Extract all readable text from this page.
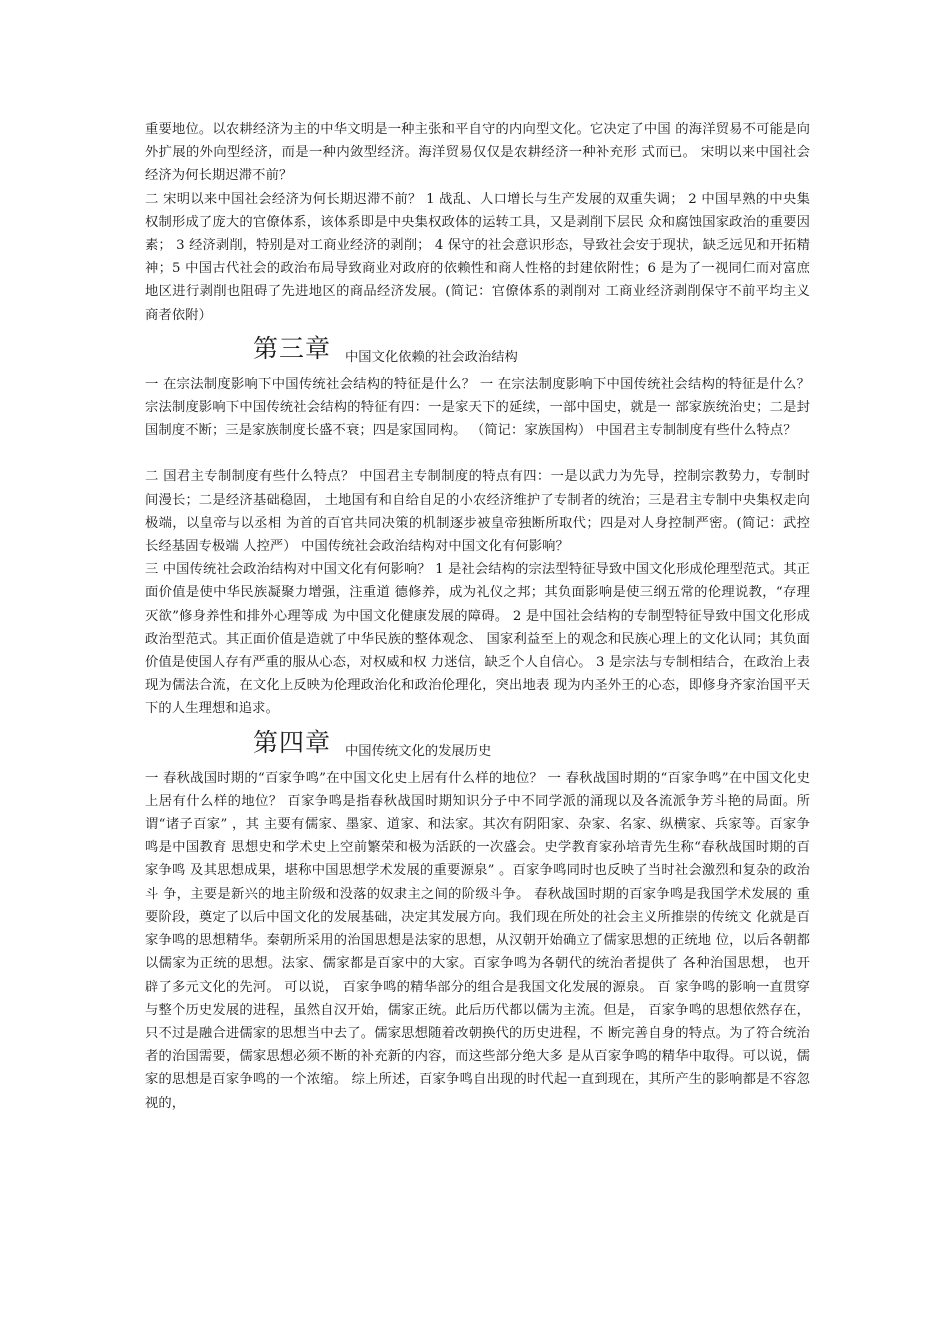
重要地位。以农耕经济为主的中华文明是一种主张和平自守的内向型文化。它决定了中国 的海洋贸易不可能是向外扩展的外向型经济，而是一种内敛型经济。海洋贸易仅仅是农耕经济一种补充形 式而已。 宋明以来中国社会经济为何长期迟滞不前？

二 宋明以来中国社会经济为何长期迟滞不前？ 1 战乱、人口增长与生产发展的双重失调； 2 中国早熟的中央集权制形成了庞大的官僚体系，该体系即是中央集权政体的运转工具，又是剥削下层民 众和腐蚀国家政治的重要因素； 3 经济剥削，特别是对工商业经济的剥削； 4 保守的社会意识形态，导致社会安于现状，缺乏远见和开拓精神；5 中国古代社会的政治布局导致商业对政府的依赖性和商人性格的封建依附性；6 是为了一视同仁而对富庶地区进行剥削也阻碍了先进地区的商品经济发展。(简记：官僚体系的剥削对 工商业经济剥削保守不前平均主义商者依附）

第三章 中国文化依赖的社会政治结构

一 在宗法制度影响下中国传统社会结构的特征是什么？ 一 在宗法制度影响下中国传统社会结构的特征是什么？ 宗法制度影响下中国传统社会结构的特征有四：一是家天下的延续，一部中国史，就是一 部家族统治史；二是封国制度不断；三是家族制度长盛不衰；四是家国同构。 （简记：家族国构） 中国君主专制制度有些什么特点？

二 国君主专制制度有些什么特点？ 中国君主专制制度的特点有四：一是以武力为先导，控制宗教势力，专制时间漫长；二是经济基础稳固， 土地国有和自给自足的小农经济维护了专制者的统治；三是君主专制中央集权走向极端，以皇帝与以丞相 为首的百官共同决策的机制逐步被皇帝独断所取代；四是对人身控制严密。(简记：武控长经基固专极端 人控严） 中国传统社会政治结构对中国文化有何影响？

三 中国传统社会政治结构对中国文化有何影响？ 1 是社会结构的宗法型特征导致中国文化形成伦理型范式。其正面价值是使中华民族凝聚力增强，注重道 德修养，成为礼仪之邦；其负面影响是使三纲五常的伦理说教，“存理灭欲”修身养性和排外心理等成 为中国文化健康发展的障碍。 2 是中国社会结构的专制型特征导致中国文化形成政治型范式。其正面价值是造就了中华民族的整体观念、 国家利益至上的观念和民族心理上的文化认同；其负面价值是使国人存有严重的服从心态，对权威和权 力迷信，缺乏个人自信心。 3 是宗法与专制相结合，在政治上表现为儒法合流，在文化上反映为伦理政治化和政治伦理化，突出地表 现为内圣外王的心态，即修身齐家治国平天下的人生理想和追求。

第四章 中国传统文化的发展历史

一 春秋战国时期的“百家争鸣”在中国文化史上居有什么样的地位？ 一 春秋战国时期的“百家争鸣”在中国文化史上居有什么样的地位？ 百家争鸣是指春秋战国时期知识分子中不同学派的涌现以及各流派争芳斗艳的局面。所谓“诸子百家” ，其 主要有儒家、墨家、道家、和法家。其次有阴阳家、杂家、名家、纵横家、兵家等。百家争鸣是中国教育 思想史和学术史上空前繁荣和极为活跃的一次盛会。史学教育家孙培青先生称“春秋战国时期的百家争鸣 及其思想成果，堪称中国思想学术发展的重要源泉” 。百家争鸣同时也反映了当时社会激烈和复杂的政治斗 争，主要是新兴的地主阶级和没落的奴隶主之间的阶级斗争。 春秋战国时期的百家争鸣是我国学术发展的 重要阶段，奠定了以后中国文化的发展基础，决定其发展方向。我们现在所处的社会主义所推崇的传统文 化就是百家争鸣的思想精华。秦朝所采用的治国思想是法家的思想，从汉朝开始确立了儒家思想的正统地 位，以后各朝都以儒家为正统的思想。法家、儒家都是百家中的大家。百家争鸣为各朝代的统治者提供了 各种治国思想， 也开辟了多元文化的先河。 可以说， 百家争鸣的精华部分的组合是我国文化发展的源泉。 百 家争鸣的影响一直贯穿与整个历史发展的进程，虽然自汉开始，儒家正统。此后历代都以儒为主流。但是， 百家争鸣的思想依然存在，只不过是融合进儒家的思想当中去了。儒家思想随着改朝换代的历史进程，不 断完善自身的特点。为了符合统治者的治国需要，儒家思想必须不断的补充新的内容，而这些部分绝大多 是从百家争鸣的精华中取得。可以说，儒家的思想是百家争鸣的一个浓缩。 综上所述，百家争鸣自出现的时代起一直到现在，其所产生的影响都是不容忽视的，
